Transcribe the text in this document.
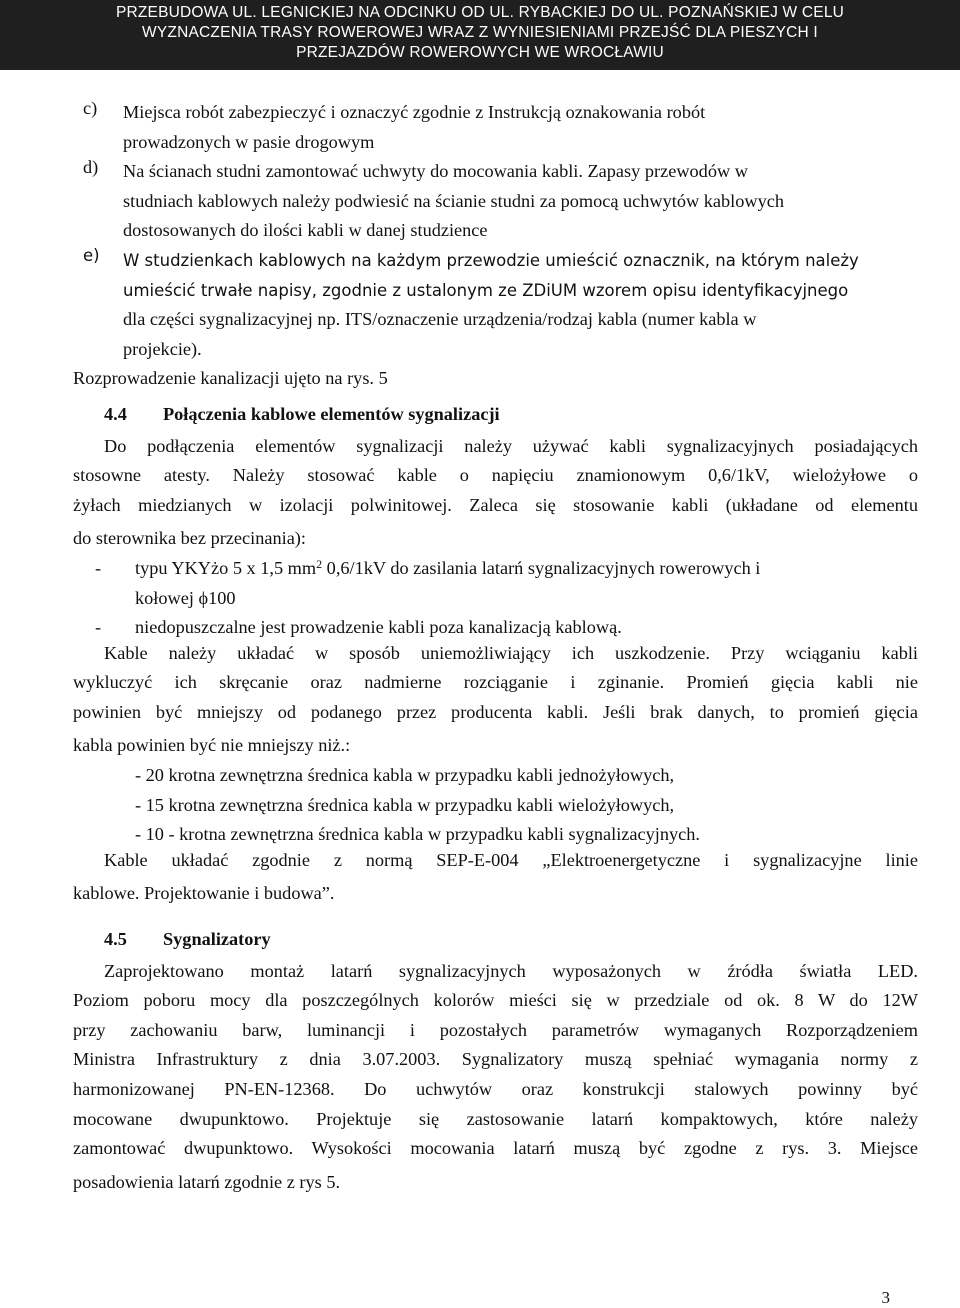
PRZEBUDOWA UL. LEGNICKIEJ NA ODCINKU OD UL. RYBACKIEJ DO UL. POZNAŃSKIEJ W CELU
WYZNACZENIA TRASY ROWEROWEJ WRAZ Z WYNIESIENIAMI PRZEJŚĆ DLA PIESZYCH I
PRZEJAZDÓW ROWEROWYCH WE WROCŁAWIU
c) Miejsca robót zabezpieczyć i oznaczyć zgodnie z Instrukcją oznakowania robót
prowadzonych w pasie drogowym
d) Na ścianach studni zamontować uchwyty do mocowania kabli. Zapasy przewodów w
studniach kablowych należy podwiesić na ścianie studni za pomocą uchwytów kablowych
dostosowanych do ilości kabli w danej studzience
e) W studzienkach kablowych na każdym przewodzie umieścić oznacznik, na którym należy
umieścić trwałe napisy, zgodnie z ustalonym ze ZDiUM wzorem opisu identyfikacyjnego
dla części sygnalizacyjnej np. ITS/oznaczenie urządzenia/rodzaj kabla (numer kabla w
projekcie).
Rozprowadzenie kanalizacji ujęto na rys. 5
4.4 Połączenia kablowe elementów sygnalizacji
Do podłączenia elementów sygnalizacji należy używać kabli sygnalizacyjnych posiadających
stosowne atesty. Należy stosować kable o napięciu znamionowym 0,6/1kV, wielożyłowe o
żyłach miedzianych w izolacji polwinitowej. Zaleca się stosowanie kabli (układane od elementu
do sterownika bez przecinania):
- typu YKYżo 5 x 1,5 $mm^2$ 0,6/1kV do zasilania latarń sygnalizacyjnych rowerowych i
kołowej ϕ100
- niedopuszczalne jest prowadzenie kabli poza kanalizacją kablową.
Kable należy układać w sposób uniemożliwiający ich uszkodzenie. Przy wciąganiu kabli
wykluczyć ich skręcanie oraz nadmierne rozciąganie i zginanie. Promień gięcia kabli nie
powinien być mniejszy od podanego przez producenta kabli. Jeśli brak danych, to promień gięcia
kabla powinien być nie mniejszy niż.:
- 20 krotna zewnętrzna średnica kabla w przypadku kabli jednożyłowych,
- 15 krotna zewnętrzna średnica kabla w przypadku kabli wielożyłowych,
- 10 - krotna zewnętrzna średnica kabla w przypadku kabli sygnalizacyjnych.
Kable układać zgodnie z normą SEP-E-004 „Elektroenergetyczne i sygnalizacyjne linie
kablowe. Projektowanie i budowa”.
4.5 Sygnalizatory
Zaprojektowano montaż latarń sygnalizacyjnych wyposażonych w źródła światła LED.
Poziom poboru mocy dla poszczególnych kolorów mieści się w przedziale od ok. 8 W do 12W
przy zachowaniu barw, luminancji i pozostałych parametrów wymaganych Rozporządzeniem
Ministra Infrastruktury z dnia 3.07.2003. Sygnalizatory muszą spełniać wymagania normy z
harmonizowanej PN-EN-12368. Do uchwytów oraz konstrukcji stalowych powinny być
mocowane dwupunktowo. Projektuje się zastosowanie latarń kompaktowych, które należy
zamontować dwupunktowo. Wysokości mocowania latarń muszą być zgodne z rys. 3. Miejsce
posadowienia latarń zgodnie z rys 5.
3
